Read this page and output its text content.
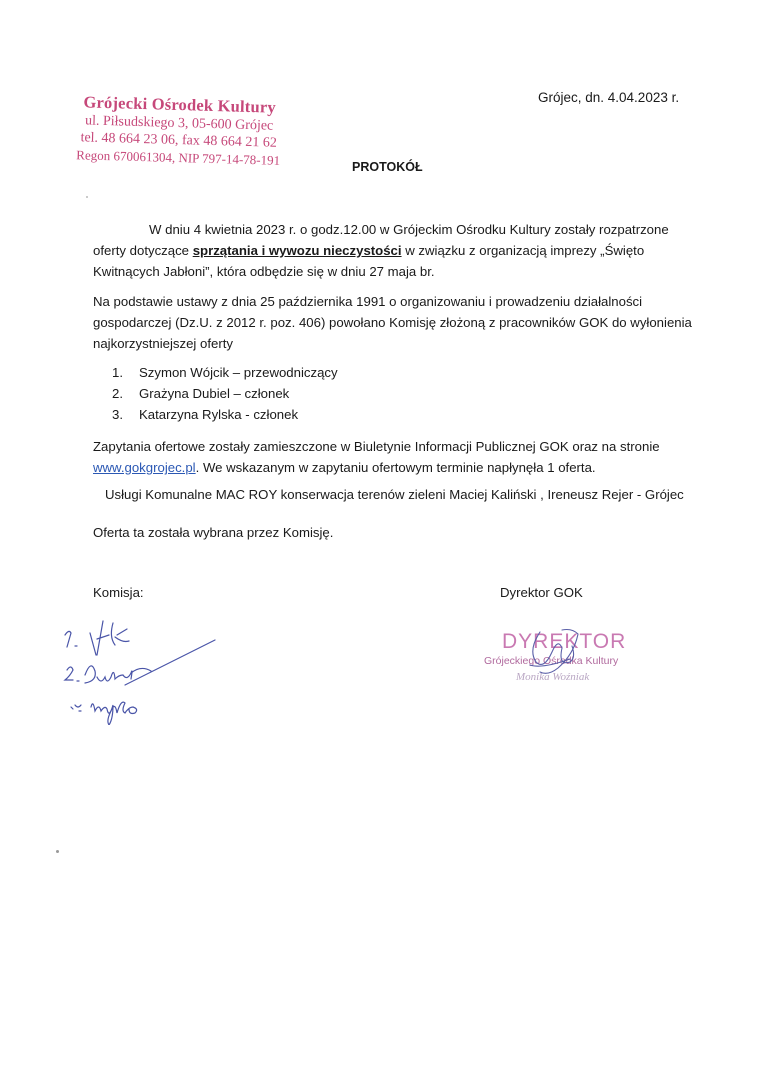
Grójecki Ośrodek Kultury
ul. Piłsudskiego 3, 05-600 Grójec
tel. 48 664 23 06, fax 48 664 21 62
Regon 670061304, NIP 797-14-78-191
Grójec, dn. 4.04.2023 r.
PROTOKÓŁ
W dniu 4 kwietnia 2023 r. o godz.12.00 w Grójeckim Ośrodku Kultury zostały rozpatrzone oferty dotyczące sprzątania i wywozu nieczystości w związku z organizacją imprezy „Święto Kwitnących Jabłoni”, która odbędzie się w dniu 27 maja br.
Na podstawie ustawy z dnia 25 października 1991 o organizowaniu i prowadzeniu działalności gospodarczej (Dz.U. z 2012 r. poz. 406) powołano Komisję złożoną z pracowników GOK do wyłonienia najkorzystniejszej oferty
1.	Szymon Wójcik – przewodniczący
2.	Grażyna Dubiel – członek
3.	Katarzyna Rylska - członek
Zapytania ofertowe zostały zamieszczone w Biuletynie Informacji Publicznej GOK oraz na stronie www.gokgrojec.pl. We wskazanym w zapytaniu ofertowym terminie napłynęła 1 oferta.
Usługi Komunalne MAC ROY konserwacja terenów zieleni Maciej Kaliński , Ireneusz Rejer - Grójec
Oferta ta została wybrana przez Komisję.
Komisja:	Dyrektor GOK
DYREKTOR
Grójeckiego Ośrodka Kultury
Monika Woźniak
